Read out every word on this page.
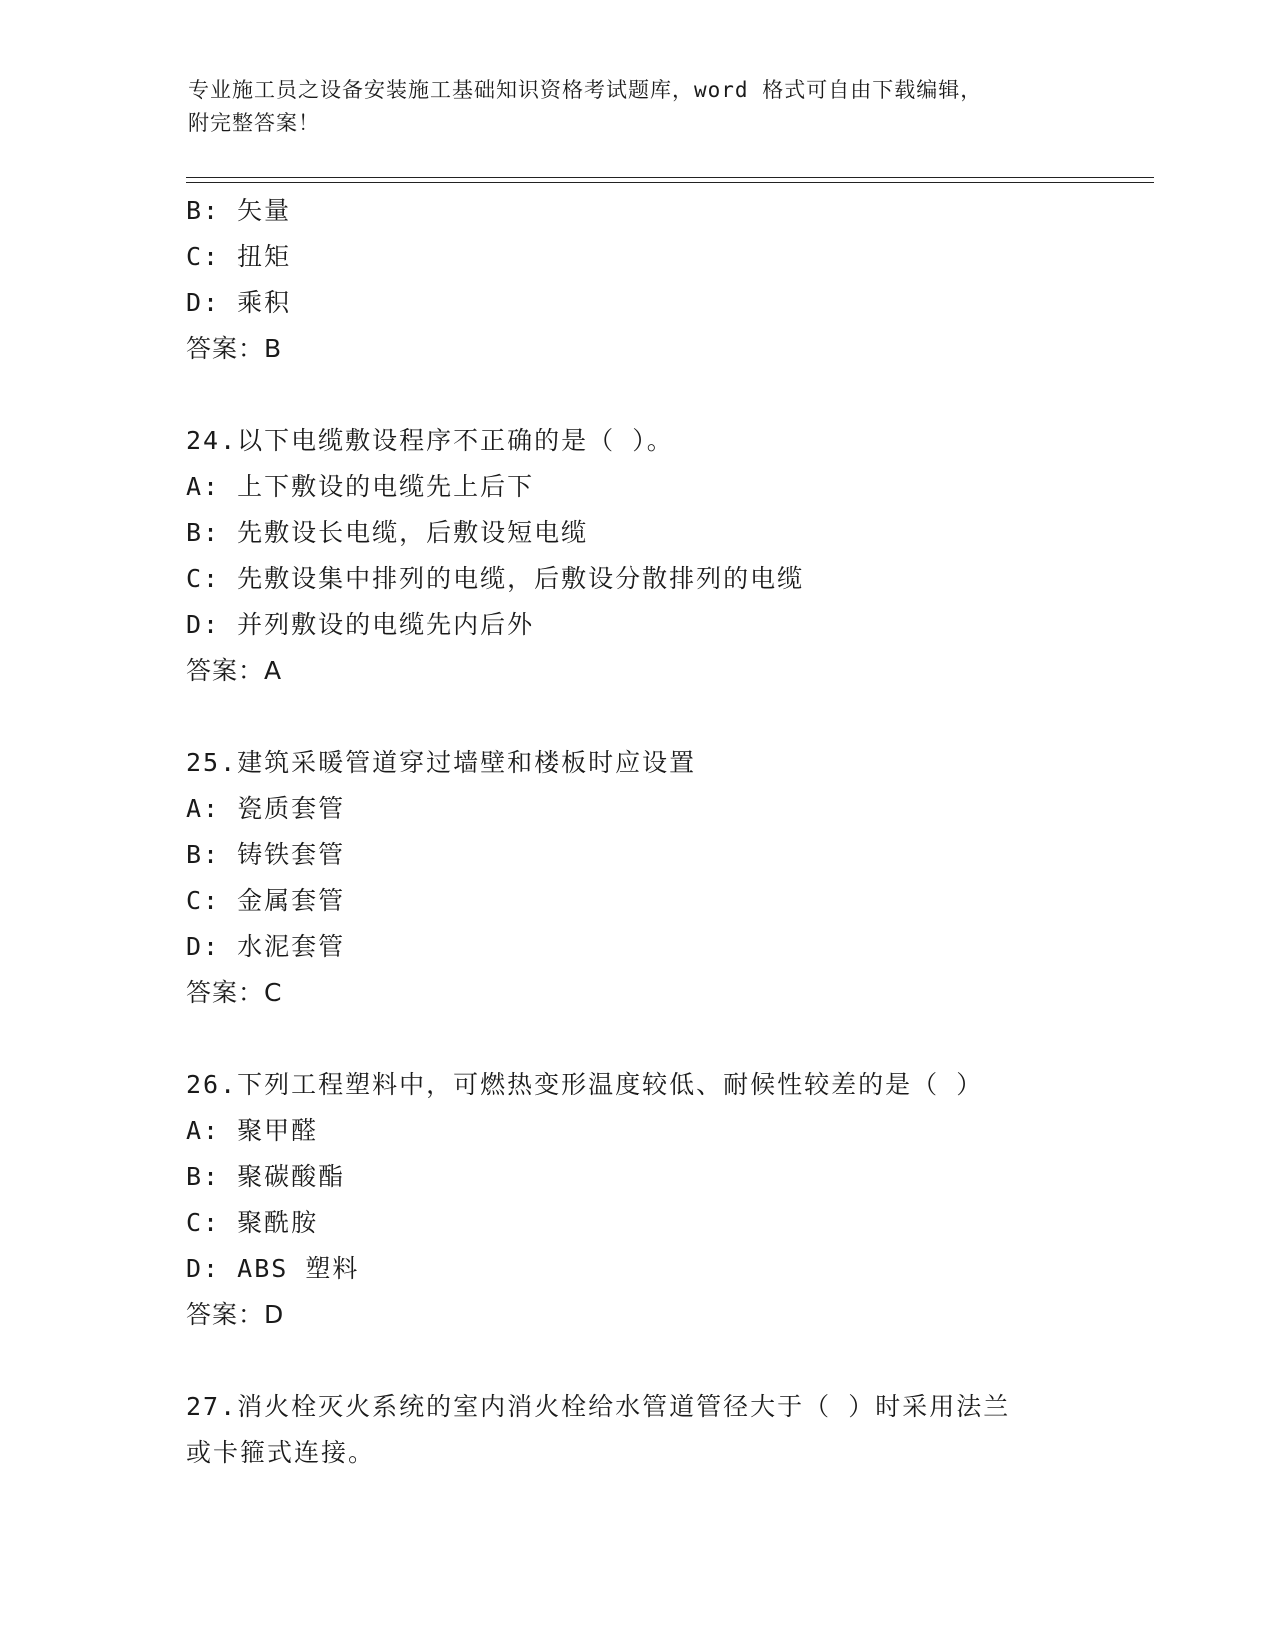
专业施工员之设备安装施工基础知识资格考试题库，word 格式可自由下载编辑，
附完整答案！
B: 矢量
C: 扭矩
D: 乘积
答案：B
24.以下电缆敷设程序不正确的是（ ）。
A: 上下敷设的电缆先上后下
B: 先敷设长电缆，后敷设短电缆
C: 先敷设集中排列的电缆，后敷设分散排列的电缆
D: 并列敷设的电缆先内后外
答案：A
25.建筑采暖管道穿过墙壁和楼板时应设置
A: 瓷质套管
B: 铸铁套管
C: 金属套管
D: 水泥套管
答案：C
26.下列工程塑料中，可燃热变形温度较低、耐候性较差的是（ ）
A: 聚甲醛
B: 聚碳酸酯
C: 聚酰胺
D: ABS 塑料
答案：D
27.消火栓灭火系统的室内消火栓给水管道管径大于（ ）时采用法兰
或卡箍式连接。
